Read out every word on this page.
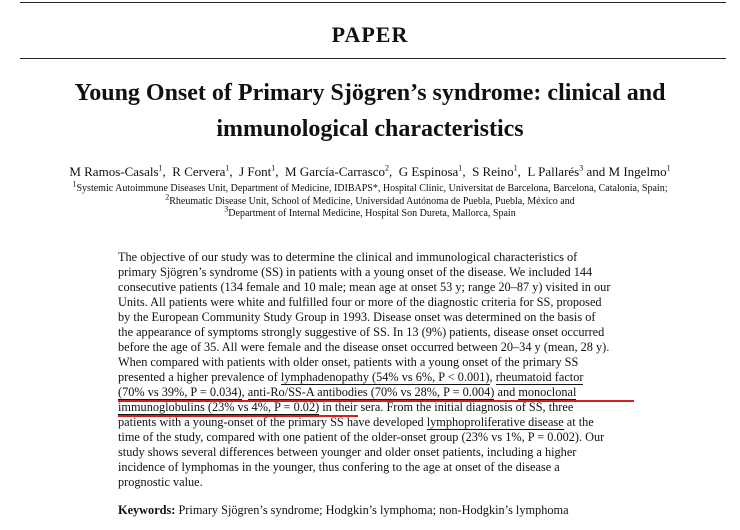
PAPER
Young Onset of Primary Sjögren’s syndrome: clinical and
immunological characteristics
M Ramos-Casals$^1$,  R Cervera$^1$,  J Font$^1$,  M García-Carrasco$^2$,  G Espinosa$^1$,  S Reino$^1$,  L Pallarés$^3$ and M Ingelmo$^1$
$^1$Systemic Autoimmune Diseases Unit, Department of Medicine, IDIBAPS*, Hospital Clinic, Universitat de Barcelona, Barcelona, Catalonia, Spain;
$^2$Rheumatic Disease Unit, School of Medicine, Universidad Autónoma de Puebla, Puebla, México and
$^3$Department of Internal Medicine, Hospital Son Dureta, Mallorca, Spain
The objective of our study was to determine the clinical and immunological characteristics of
primary Sjögren’s syndrome (SS) in patients with a young onset of the disease. We included 144
consecutive patients (134 female and 10 male; mean age at onset 53 y; range 20–87 y) visited in our
Units. All patients were white and fulfilled four or more of the diagnostic criteria for SS, proposed
by the European Community Study Group in 1993. Disease onset was determined on the basis of
the appearance of symptoms strongly suggestive of SS. In 13 (9%) patients, disease onset occurred
before the age of 35. All were female and the disease onset occurred between 20–34 y (mean, 28 y).
When compared with patients with older onset, patients with a young onset of the primary SS
presented a higher prevalence of lymphadenopathy (54% vs 6%, P < 0.001), rheumatoid factor
(70% vs 39%, P = 0.034), anti-Ro/SS-A antibodies (70% vs 28%, P = 0.004) and monoclonal
immunoglobulins (23% vs 4%, P = 0.02) in their sera. From the initial diagnosis of SS, three
patients with a young-onset of the primary SS have developed lymphoproliferative disease at the
time of the study, compared with one patient of the older-onset group (23% vs 1%, P = 0.002). Our
study shows several differences between younger and older onset patients, including a higher
incidence of lymphomas in the younger, thus confering to the age at onset of the disease a
prognostic value.
Keywords: Primary Sjögren’s syndrome; Hodgkin’s lymphoma; non-Hodgkin’s lymphoma
